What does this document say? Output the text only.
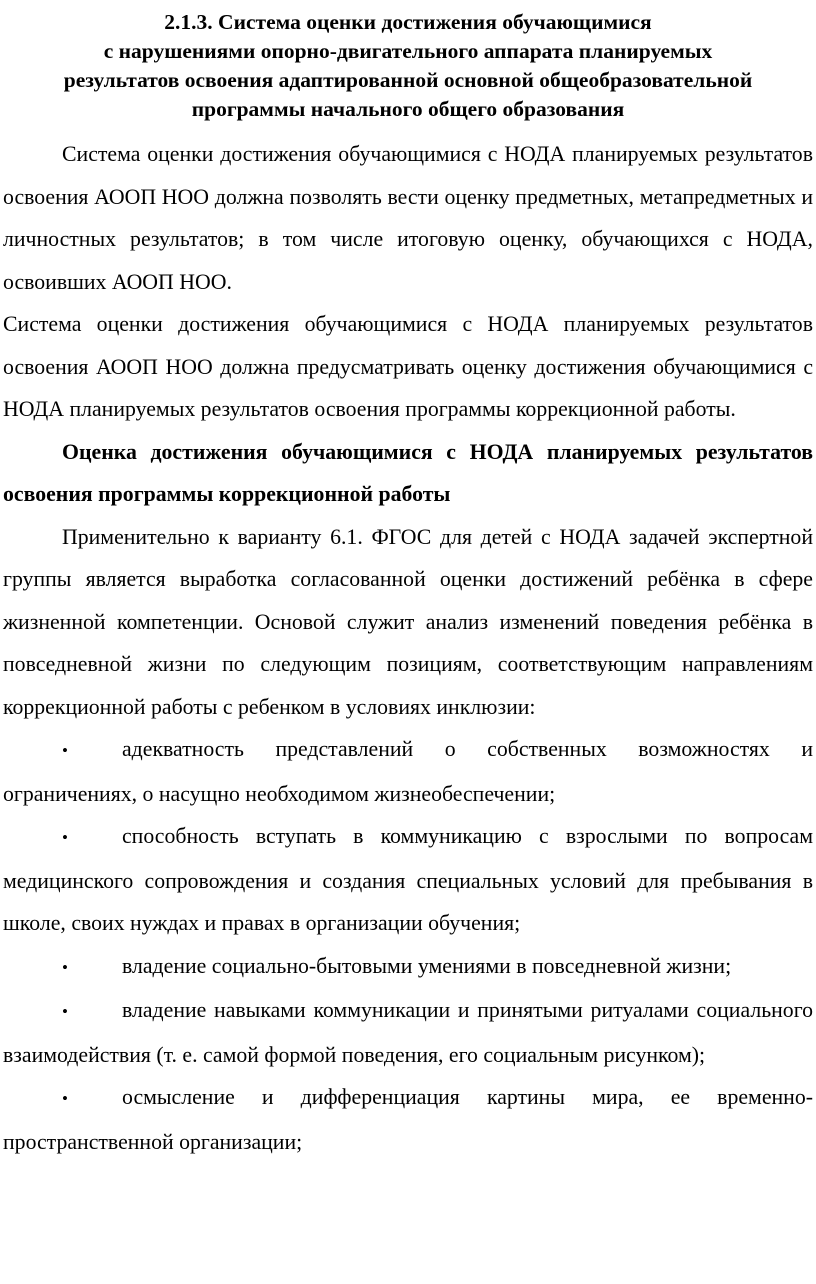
2.1.3. Система оценки достижения обучающимися
с нарушениями опорно-двигательного аппарата планируемых
результатов освоения адаптированной основной общеобразовательной
программы начального общего образования

Система оценки достижения обучающимися с НОДА планируемых результатов освоения АООП НОО должна позволять вести оценку предметных, метапредметных и личностных результатов; в том числе итоговую оценку, обучающихся с НОДА, освоивших АООП НОО.

Система оценки достижения обучающимися с НОДА планируемых результатов освоения АООП НОО должна предусматривать оценку достижения обучающимися с НОДА планируемых результатов освоения программы коррекционной работы.

Оценка достижения обучающимися с НОДА планируемых результатов освоения программы коррекционной работы

Применительно к варианту 6.1. ФГОС для детей с НОДА задачей экспертной группы является выработка согласованной оценки достижений ребёнка в сфере жизненной компетенции. Основой служит анализ изменений поведения ребёнка в повседневной жизни по следующим позициям, соответствующим направлениям коррекционной работы с ребенком в условиях инклюзии:

• адекватность представлений о собственных возможностях и ограничениях, о насущно необходимом жизнеобеспечении;

• способность вступать в коммуникацию с взрослыми по вопросам медицинского сопровождения и создания специальных условий для пребывания в школе, своих нуждах и правах в организации обучения;

• владение социально-бытовыми умениями в повседневной жизни;

• владение навыками коммуникации и принятыми ритуалами социального взаимодействия (т. е. самой формой поведения, его социальным рисунком);

• осмысление и дифференциация картины мира, ее временно-пространственной организации;
